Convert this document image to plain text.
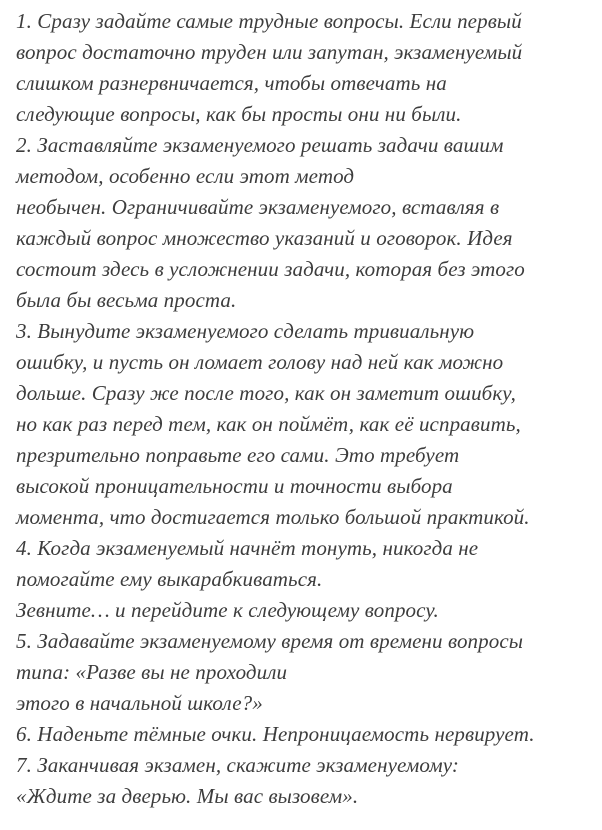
1. Сразу задайте самые трудные вопросы. Если первый
вопрос достаточно труден или запутан, экзаменуемый
слишком разнервничается, чтобы отвечать на
следующие вопросы, как бы просты они ни были.
2. Заставляйте экзаменуемого решать задачи вашим
методом, особенно если этот метод
необычен. Ограничивайте экзаменуемого, вставляя в
каждый вопрос множество указаний и оговорок. Идея
состоит здесь в усложнении задачи, которая без этого
была бы весьма проста.
3. Вынудите экзаменуемого сделать тривиальную
ошибку, и пусть он ломает голову над ней как можно
дольше. Сразу же после того, как он заметит ошибку,
но как раз перед тем, как он поймёт, как её исправить,
презрительно поправьте его сами. Это требует
высокой проницательности и точности выбора
момента, что достигается только большой практикой.
4. Когда экзаменуемый начнёт тонуть, никогда не
помогайте ему выкарабкиваться.
Зевните… и перейдите к следующему вопросу.
5. Задавайте экзаменуемому время от времени вопросы
типа: «Разве вы не проходили
этого в начальной школе?»
6. Наденьте тёмные очки. Непроницаемость нервирует.
7. Заканчивая экзамен, скажите экзаменуемому:
«Ждите за дверью. Мы вас вызовем».
